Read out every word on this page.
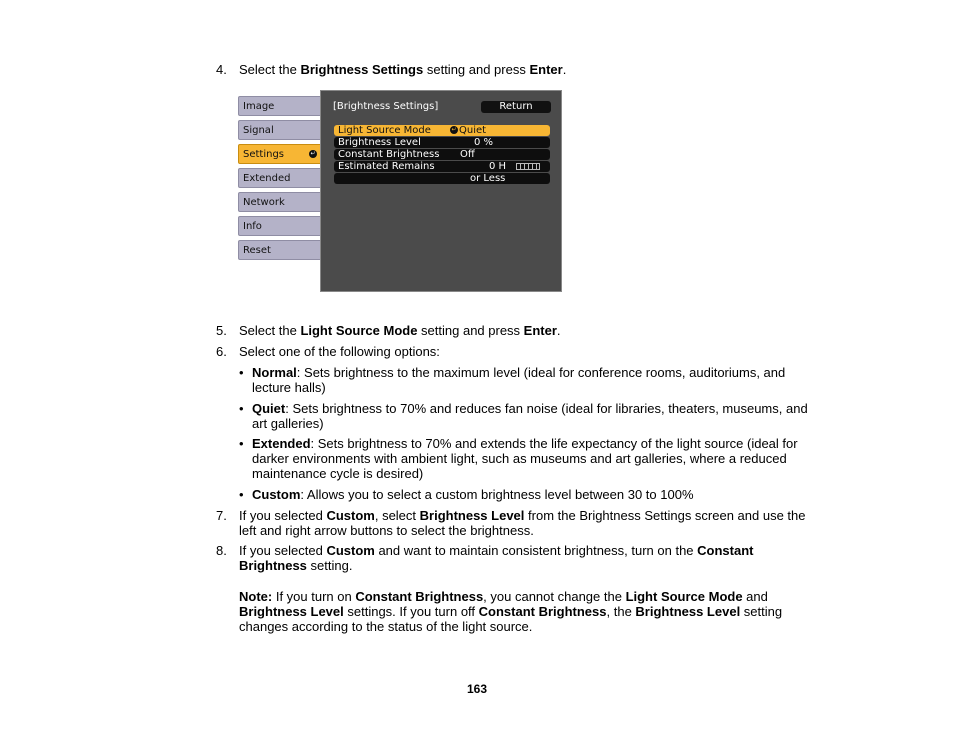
4. Select the Brightness Settings setting and press Enter.
Image
Signal
Settings	↵
Extended
Network
Info
Reset
[Brightness Settings]	Return
Light Source Mode	↵ Quiet
Brightness Level	0 %
Constant Brightness Off
Estimated Remains	0 H
or Less
5. Select the Light Source Mode setting and press Enter.
6. Select one of the following options:
• Normal: Sets brightness to the maximum level (ideal for conference rooms, auditoriums, and lecture halls)
• Quiet: Sets brightness to 70% and reduces fan noise (ideal for libraries, theaters, museums, and art galleries)
• Extended: Sets brightness to 70% and extends the life expectancy of the light source (ideal for darker environments with ambient light, such as museums and art galleries, where a reduced maintenance cycle is desired)
• Custom: Allows you to select a custom brightness level between 30 to 100%
7. If you selected Custom, select Brightness Level from the Brightness Settings screen and use the left and right arrow buttons to select the brightness.
8. If you selected Custom and want to maintain consistent brightness, turn on the Constant Brightness setting.
Note: If you turn on Constant Brightness, you cannot change the Light Source Mode and Brightness Level settings. If you turn off Constant Brightness, the Brightness Level setting changes according to the status of the light source.
163
